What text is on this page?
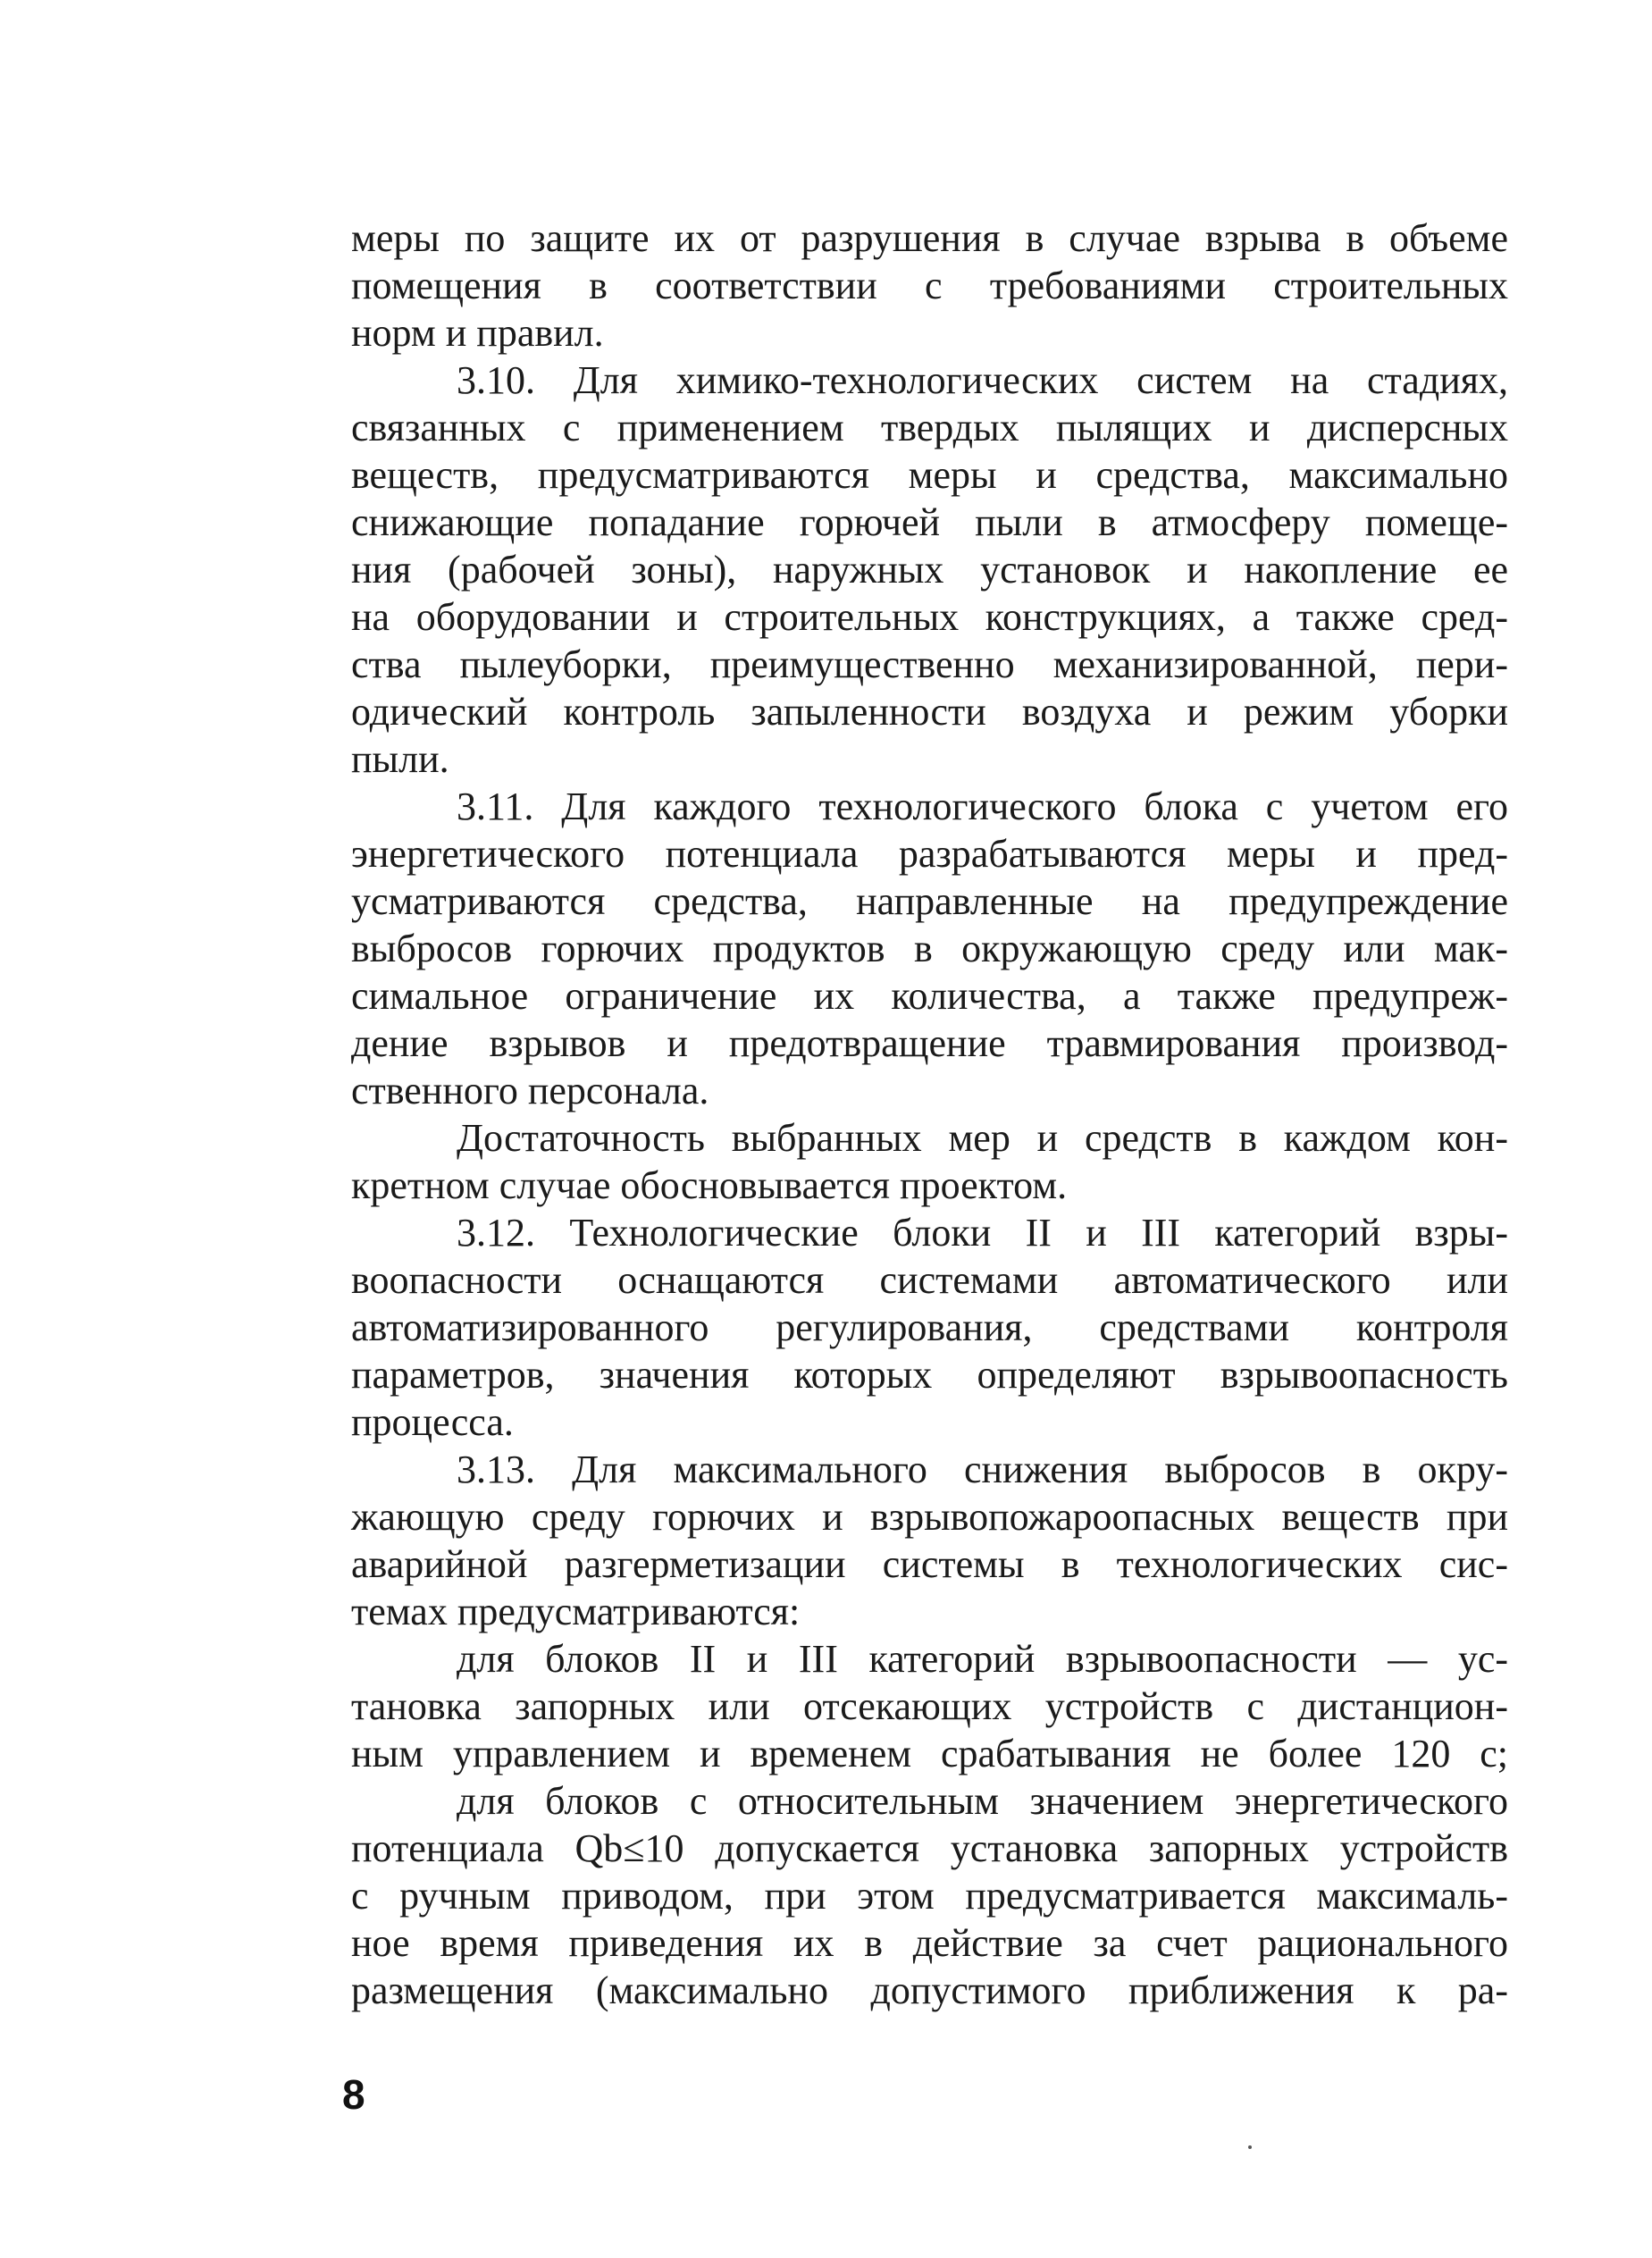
меры по защите их от разрушения в случае взрыва в объеме
помещения в соответствии с требованиями строительных
норм и правил.

3.10. Для химико-технологических систем на стадиях,
связанных с применением твердых пылящих и дисперсных
веществ, предусматриваются меры и средства, максимально
снижающие попадание горючей пыли в атмосферу помеще-
ния (рабочей зоны), наружных установок и накопление ее
на оборудовании и строительных конструкциях, а также сред-
ства пылеуборки, преимущественно механизированной, пери-
одический контроль запыленности воздуха и режим уборки
пыли.

3.11. Для каждого технологического блока с учетом его
энергетического потенциала разрабатываются меры и пред-
усматриваются средства, направленные на предупреждение
выбросов горючих продуктов в окружающую среду или мак-
симальное ограничение их количества, а также предупреж-
дение взрывов и предотвращение травмирования производ-
ственного персонала.

Достаточность выбранных мер и средств в каждом кон-
кретном случае обосновывается проектом.

3.12. Технологические блоки II и III категорий взры-
воопасности оснащаются системами автоматического или
автоматизированного регулирования, средствами контроля
параметров, значения которых определяют взрывоопасность
процесса.

3.13. Для максимального снижения выбросов в окру-
жающую среду горючих и взрывопожароопасных веществ при
аварийной разгерметизации системы в технологических сис-
темах предусматриваются:

для блоков II и III категорий взрывоопасности — ус-
тановка запорных или отсекающих устройств с дистанцион-
ным управлением и временем срабатывания не более 120 с;

для блоков с относительным значением энергетического
потенциала Qb≤10 допускается установка запорных устройств
с ручным приводом, при этом предусматривается максималь-
ное время приведения их в действие за счет рационального
размещения (максимально допустимого приближения к ра-

8
